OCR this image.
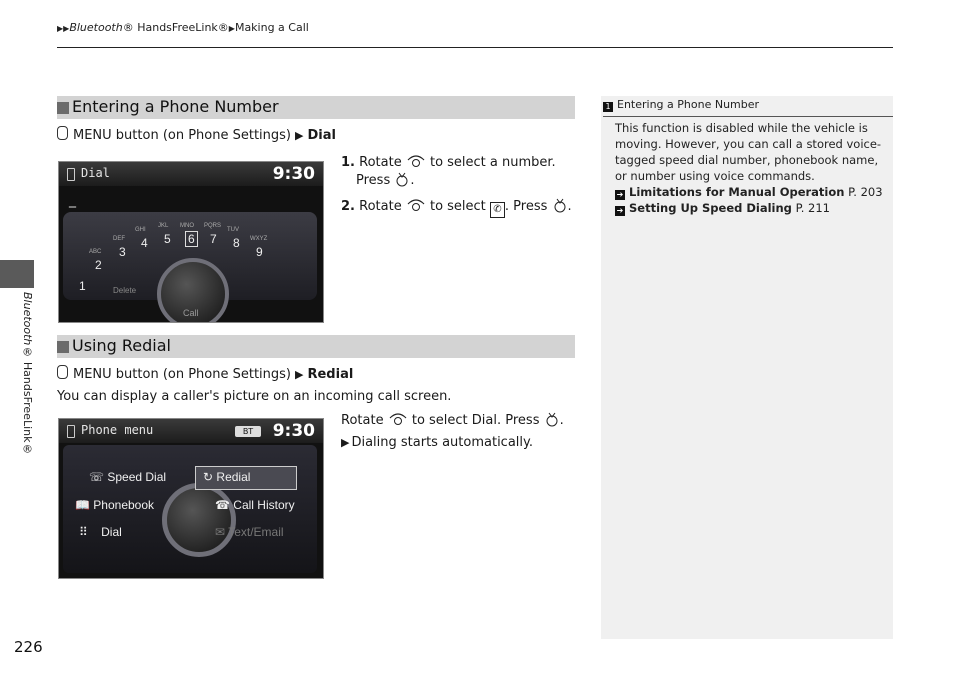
▶▶Bluetooth® HandsFreeLink®▶Making a Call
Bluetooth® HandsFreeLink®
Entering a Phone Number
MENU button (on Phone Settings) ▶ Dial
Dial	9:30
_
1
ABC
2
DEF
3
GHI
4
JKL
5
MNO
6
PQRS
7
TUV
8 WXYZ
9
Delete
Call
1. Rotate to select a number.
Press .
2. Rotate to select ✆ . Press .
Using Redial
MENU button (on Phone Settings) ▶ Redial
You can display a caller's picture on an incoming call screen.
Phone menu	BT	9:30
☏ Speed Dial	↻ Redial
📖 Phonebook	☎ Call History
⠿ Dial	✉ Text/Email
Rotate to select Dial. Press .
▶ Dialing starts automatically.
1 Entering a Phone Number
This function is disabled while the vehicle is moving. However, you can call a stored voice-tagged speed dial number, phonebook name, or number using voice commands.
➔ Limitations for Manual Operation P. 203
➔ Setting Up Speed Dialing P. 211
226
